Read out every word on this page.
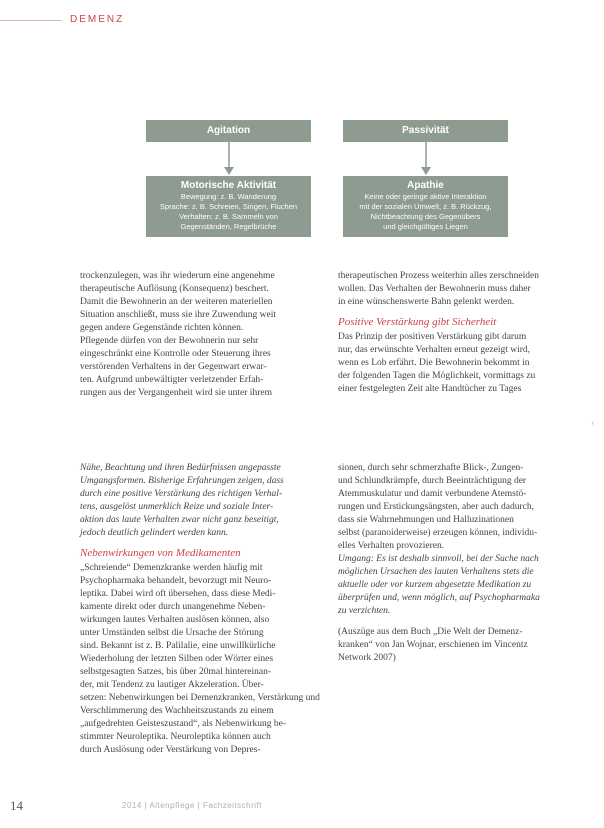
DEMENZ
Agitation	Passivität
Motorische Aktivität
Bewegung: z. B. Wanderung
Sprache: z. B. Schreien, Singen, Fluchen
Verhalten: z. B. Sammeln von
Gegenständen, Regelbrüche
Apathie
Keine oder geringe aktive Interaktion
mit der sozialen Umwelt, z. B. Rückzug,
Nichtbeachtung des Gegenübers
und gleichgültiges Liegen

trockenzulegen, was ihr wiederum eine angenehme

therapeutische Auflösung (Konsequenz) beschert.

Damit die Bewohnerin an der weiteren materiellen

Situation anschließt, muss sie ihre Zuwendung weit

gegen andere Gegenstände richten können.

Pflegende dürfen von der Bewohnerin nur sehr

eingeschränkt eine Kontrolle oder Steuerung ihres

verstörenden Verhaltens in der Gegenwart erwar-

ten. Aufgrund unbewältigter verletzender Erfah-

rungen aus der Vergangenheit wird sie unter ihrem

therapeutischen Prozess weiterhin alles zerschneiden

wollen. Das Verhalten der Bewohnerin muss daher

in eine wünschenswerte Bahn gelenkt werden.

Positive Verstärkung gibt Sicherheit

Das Prinzip der positiven Verstärkung gibt darum

nur, das erwünschte Verhalten erneut gezeigt wird,

wenn es Lob erfährt. Die Bewohnerin bekommt in

der folgenden Tagen die Möglichkeit, vormittags zu

einer festgelegten Zeit alte Handtücher zu Tages

Nähe, Beachtung und ihren Bedürfnissen angepasste

Umgangsformen. Bisherige Erfahrungen zeigen, dass

durch eine positive Verstärkung des richtigen Verhal-

tens, ausgelöst unmerklich Reize und soziale Inter-

aktion das laute Verhalten zwar nicht ganz beseitigt,

jedoch deutlich gelindert werden kann.

Nebenwirkungen von Medikamenten

„Schreiende“ Demenzkranke werden häufig mit

Psychopharmaka behandelt, bevorzugt mit Neuro-

leptika. Dabei wird oft übersehen, dass diese Medi-

kamente direkt oder durch unangenehme Neben-

wirkungen lautes Verhalten auslösen können, also

unter Umständen selbst die Ursache der Störung

sind. Bekannt ist z. B. Palilalie, eine unwillkürliche

Wiederholung der letzten Silben oder Wörter eines

selbstgesagten Satzes, bis über 20mal hintereinan-

der, mit Tendenz zu lautiger Akzeleration. Über-

setzen: Nebenwirkungen bei Demenzkranken, Verstärkung und

Verschlimmerung des Wachheitszustands zu einem

„aufgedrehten Geisteszustand“, als Nebenwirkung be-

stimmter Neuroleptika. Neuroleptika können auch

durch Auslösung oder Verstärkung von Depres-

sionen, durch sehr schmerzhafte Blick-, Zungen-

und Schlundkrämpfe, durch Beeinträchtigung der

Atemmuskulatur und damit verbundene Atemstö-

rungen und Erstickungsängsten, aber auch dadurch,

dass sie Wahrnehmungen und Halluzinationen

selbst (paranoiderweise) erzeugen können, individu-

elles Verhalten provozieren.

Umgang: Es ist deshalb sinnvoll, bei der Suche nach

möglichen Ursachen des lauten Verhaltens stets die

aktuelle oder vor kurzem abgesetzte Medikation zu

überprüfen und, wenn möglich, auf Psychopharmaka

zu verzichten.

(Auszüge aus dem Buch „Die Welt der Demenz-

kranken“ von Jan Wojnar, erschienen im Vincentz

Network 2007)

‹
14	2014 | Altenpflege | Fachzeitschrift
